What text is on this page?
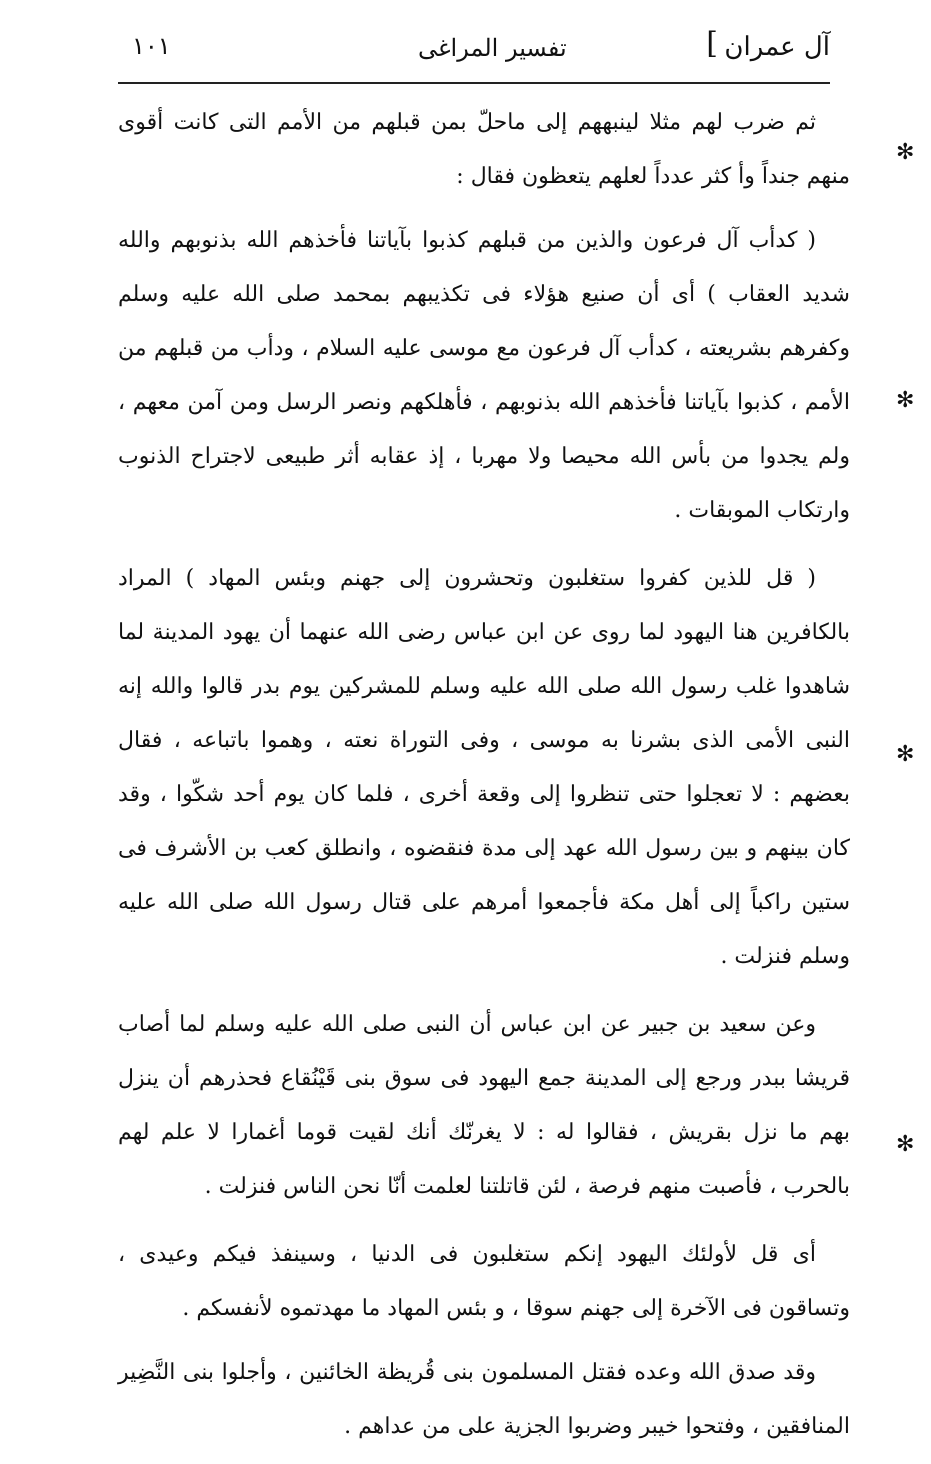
آل عمران
]
تفسير المراغى
١٠١

ثم ضرب لهم مثلا لينبههم إلى ماحلّ بمن قبلهم من الأمم التى كانت أقوى منهم جنداً وأ كثر عدداً لعلهم يتعظون فقال :

( كدأب آل فرعون والذين من قبلهم كذبوا بآياتنا فأخذهم الله بذنوبهم والله شديد العقاب ) أى أن صنيع هؤلاء فى تكذيبهم بمحمد صلى الله عليه وسلم وكفرهم بشريعته ، كدأب آل فرعون مع موسى عليه السلام ، ودأب من قبلهم من الأمم ، كذبوا بآياتنا فأخذهم الله بذنوبهم ، فأهلكهم ونصر الرسل ومن آمن معهم ، ولم يجدوا من بأس الله محيصا ولا مهربا ، إذ عقابه أثر طبيعى لاجتراح الذنوب وارتكاب الموبقات .

( قل للذين كفروا ستغلبون وتحشرون إلى جهنم وبئس المهاد ) المراد بالكافرين هنا اليهود لما روى عن ابن عباس رضى الله عنهما أن يهود المدينة لما شاهدوا غلب رسول الله صلى الله عليه وسلم للمشركين يوم بدر قالوا والله إنه النبى الأمى الذى بشرنا به موسى ، وفى التوراة نعته ، وهموا باتباعه ، فقال بعضهم : لا تعجلوا حتى تنظروا إلى وقعة أخرى ، فلما كان يوم أحد شكّوا ، وقد كان بينهم و بين رسول الله عهد إلى مدة فنقضوه ، وانطلق كعب بن الأشرف فى ستين راكباً إلى أهل مكة فأجمعوا أمرهم على قتال رسول الله صلى الله عليه وسلم فنزلت .

وعن سعيد بن جبير عن ابن عباس أن النبى صلى الله عليه وسلم لما أصاب قريشا ببدر ورجع إلى المدينة جمع اليهود فى سوق بنى قَيْنُقاع فحذرهم أن ينزل بهم ما نزل بقريش ، فقالوا له : لا يغرنّك أنك لقيت قوما أغمارا لا علم لهم بالحرب ، فأصبت منهم فرصة ، لئن قاتلتنا لعلمت أنّا نحن الناس فنزلت .

أى قل لأولئك اليهود إنكم ستغلبون فى الدنيا ، وسينفذ فيكم وعيدى ، وتساقون فى الآخرة إلى جهنم سوقا ، و بئس المهاد ما مهدتموه لأنفسكم .

وقد صدق الله وعده فقتل المسلمون بنى قُريظة الخائنين ، وأجلوا بنى النَّضِير المنافقين ، وفتحوا خيبر وضربوا الجزية على من عداهم .

✻
✻
✻
✻
